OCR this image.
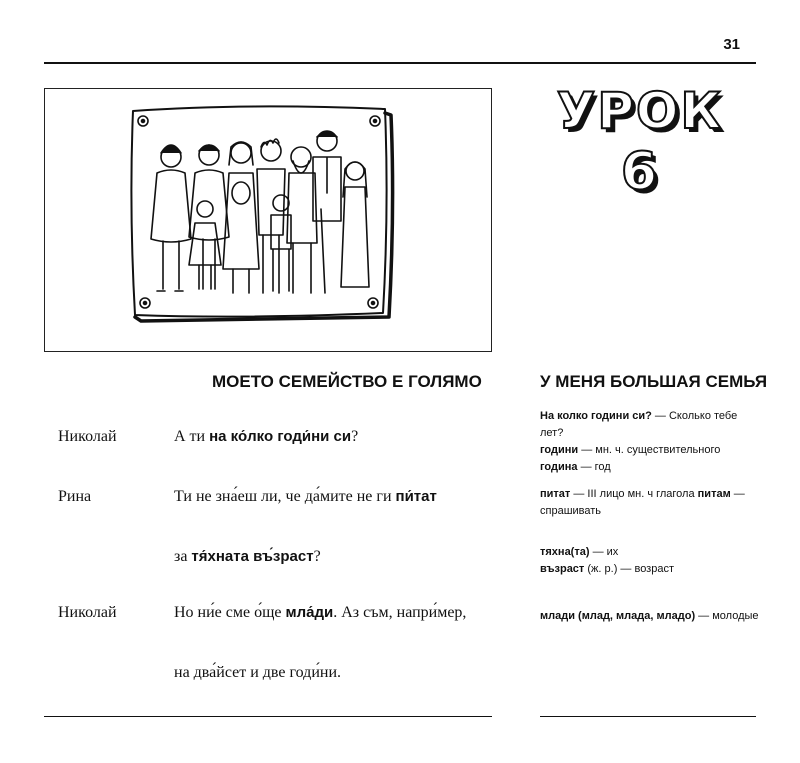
31
УРОК
6
МОЕТО СЕМЕЙСТВО Е ГОЛЯМО	У МЕНЯ БОЛЬШАЯ СЕМЬЯ
Николай	А ти на ко́лко годи́ни си?
Рина	Ти не зна́еш ли, че да́мите не ги пи́тат
за тя́хната въ́зраст?
Николай	Но ни́е сме о́ще мла́ди. Аз съм, напри́мер,
на два́йсет и две годи́ни.
На колко години си? — Сколько тебе лет?
години — мн. ч. существительного
година — год
питат — III лицо мн. ч глагола питам — спрашивать
тяхна(та) — их
възраст (ж. р.) — возраст
млади (млад, млада, младо) — молодые
